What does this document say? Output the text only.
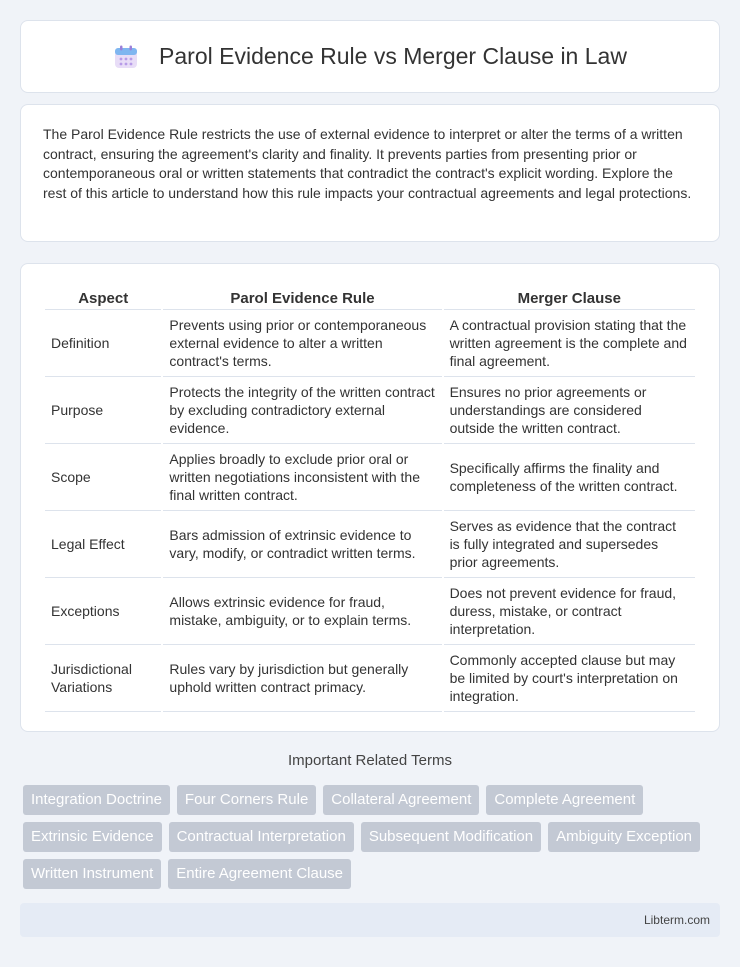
Parol Evidence Rule vs Merger Clause in Law

The Parol Evidence Rule restricts the use of external evidence to interpret or alter the terms of a written contract, ensuring the agreement's clarity and finality. It prevents parties from presenting prior or contemporaneous oral or written statements that contradict the contract's explicit wording. Explore the rest of this article to understand how this rule impacts your contractual agreements and legal protections.

Aspect	Parol Evidence Rule	Merger Clause
Definition	Prevents using prior or contemporaneous external evidence to alter a written contract's terms.	A contractual provision stating that the written agreement is the complete and final agreement.
Purpose	Protects the integrity of the written contract by excluding contradictory external evidence.	Ensures no prior agreements or understandings are considered outside the written contract.
Scope	Applies broadly to exclude prior oral or written negotiations inconsistent with the final written contract.	Specifically affirms the finality and completeness of the written contract.
Legal Effect	Bars admission of extrinsic evidence to vary, modify, or contradict written terms.	Serves as evidence that the contract is fully integrated and supersedes prior agreements.
Exceptions	Allows extrinsic evidence for fraud, mistake, ambiguity, or to explain terms.	Does not prevent evidence for fraud, duress, mistake, or contract interpretation.
Jurisdictional Variations	Rules vary by jurisdiction but generally uphold written contract primacy.	Commonly accepted clause but may be limited by court's interpretation on integration.
Important Related Terms
Integration Doctrine	Four Corners Rule	Collateral Agreement	Complete Agreement
Extrinsic Evidence	Contractual Interpretation	Subsequent Modification	Ambiguity Exception
Written Instrument	Entire Agreement Clause
Libterm.com
